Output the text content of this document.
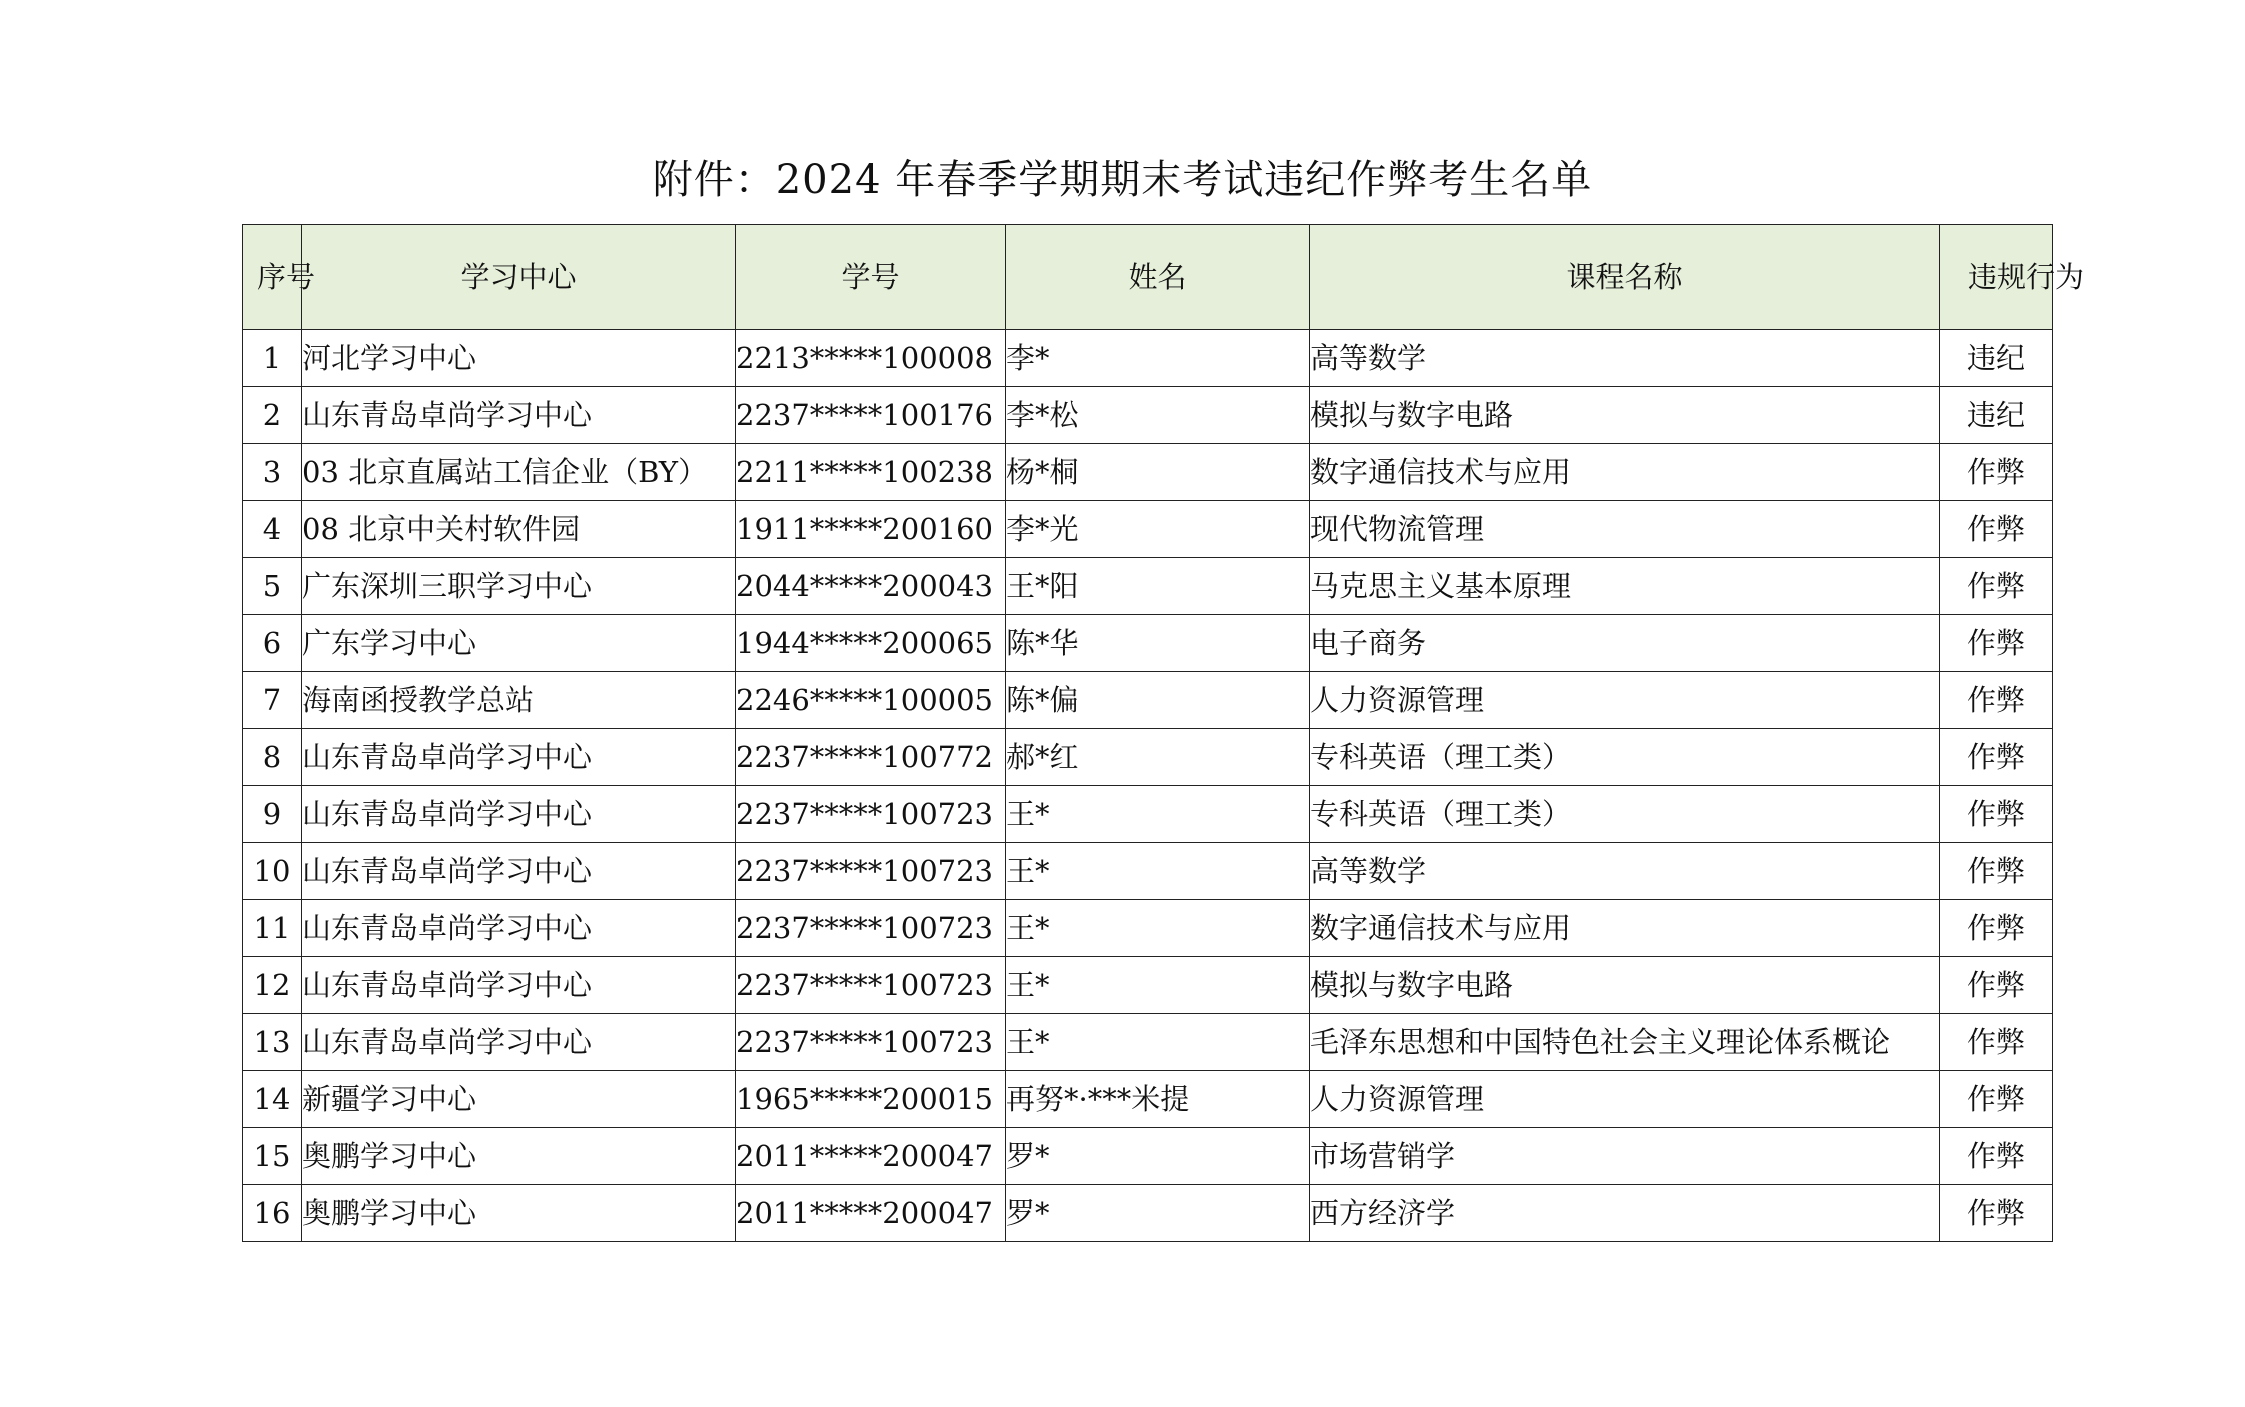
附件：2024 年春季学期期末考试违纪作弊考生名单
序号	学习中心	学号	姓名	课程名称	违规行为
1	河北学习中心	2213*****100008	李*	高等数学	违纪
2	山东青岛卓尚学习中心	2237*****100176	李*松	模拟与数字电路	违纪
3	03 北京直属站工信企业（BY）	2211*****100238	杨*桐	数字通信技术与应用	作弊
4	08 北京中关村软件园	1911*****200160	李*光	现代物流管理	作弊
5	广东深圳三职学习中心	2044*****200043	王*阳	马克思主义基本原理	作弊
6	广东学习中心	1944*****200065	陈*华	电子商务	作弊
7	海南函授教学总站	2246*****100005	陈*偏	人力资源管理	作弊
8	山东青岛卓尚学习中心	2237*****100772	郝*红	专科英语（理工类）	作弊
9	山东青岛卓尚学习中心	2237*****100723	王*	专科英语（理工类）	作弊
10	山东青岛卓尚学习中心	2237*****100723	王*	高等数学	作弊
11	山东青岛卓尚学习中心	2237*****100723	王*	数字通信技术与应用	作弊
12	山东青岛卓尚学习中心	2237*****100723	王*	模拟与数字电路	作弊
13	山东青岛卓尚学习中心	2237*****100723	王*	毛泽东思想和中国特色社会主义理论体系概论	作弊
14	新疆学习中心	1965*****200015	再努*·***米提	人力资源管理	作弊
15	奥鹏学习中心	2011*****200047	罗*	市场营销学	作弊
16	奥鹏学习中心	2011*****200047	罗*	西方经济学	作弊
